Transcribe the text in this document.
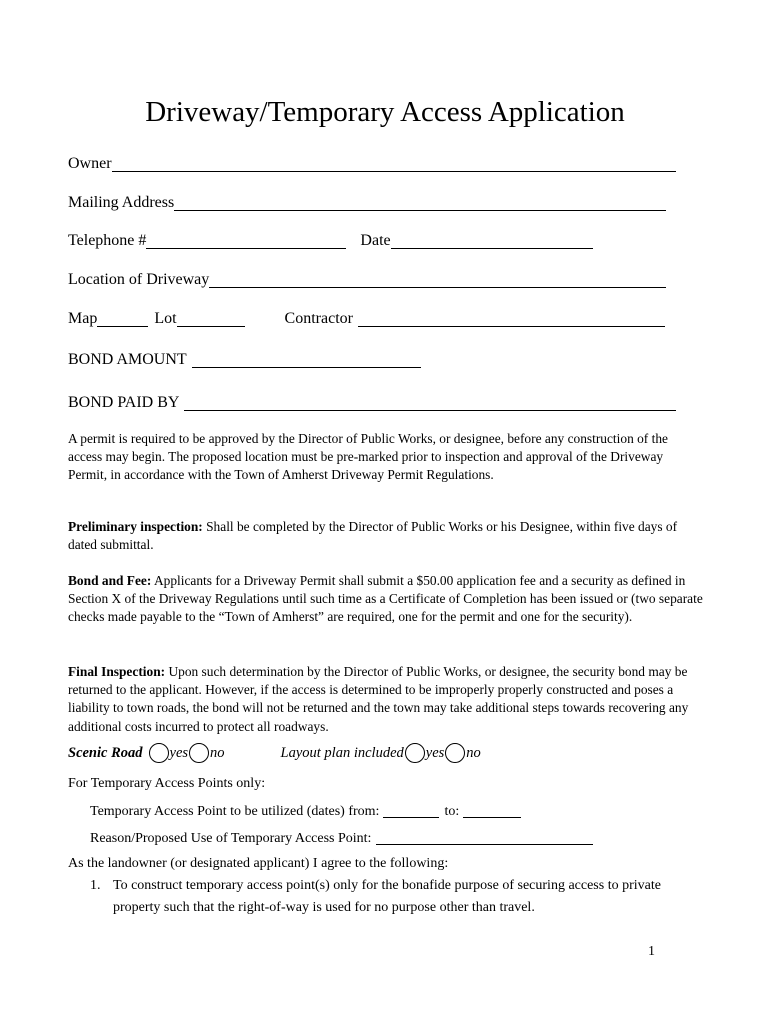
Driveway/Temporary Access Application
Owner
Mailing Address
Telephone #	Date
Location of Driveway
Map	Lot	Contractor
BOND AMOUNT
BOND PAID BY

A permit is required to be approved by the Director of Public Works, or designee, before any construction of the access may begin. The proposed location must be pre-marked prior to inspection and approval of the Driveway Permit, in accordance with the Town of Amherst Driveway Permit Regulations.

Preliminary inspection: Shall be completed by the Director of Public Works or his Designee, within five days of dated submittal.

Bond and Fee: Applicants for a Driveway Permit shall submit a $50.00 application fee and a security as defined in Section X of the Driveway Regulations until such time as a Certificate of Completion has been issued or (two separate checks made payable to the “Town of Amherst” are required, one for the permit and one for the security).

Final Inspection: Upon such determination by the Director of Public Works, or designee, the security bond may be returned to the applicant. However, if the access is determined to be improperly properly constructed and poses a liability to town roads, the bond will not be returned and the town may take additional steps towards recovering any additional costs incurred to protect all roadways.

Scenic Road yes no	Layout plan included yes no
For Temporary Access Points only:
Temporary Access Point to be utilized (dates) from:	to:
Reason/Proposed Use of Temporary Access Point:
As the landowner (or designated applicant) I agree to the following:
1. To construct temporary access point(s) only for the bonafide purpose of securing access to private property such that the right-of-way is used for no purpose other than travel.
1
